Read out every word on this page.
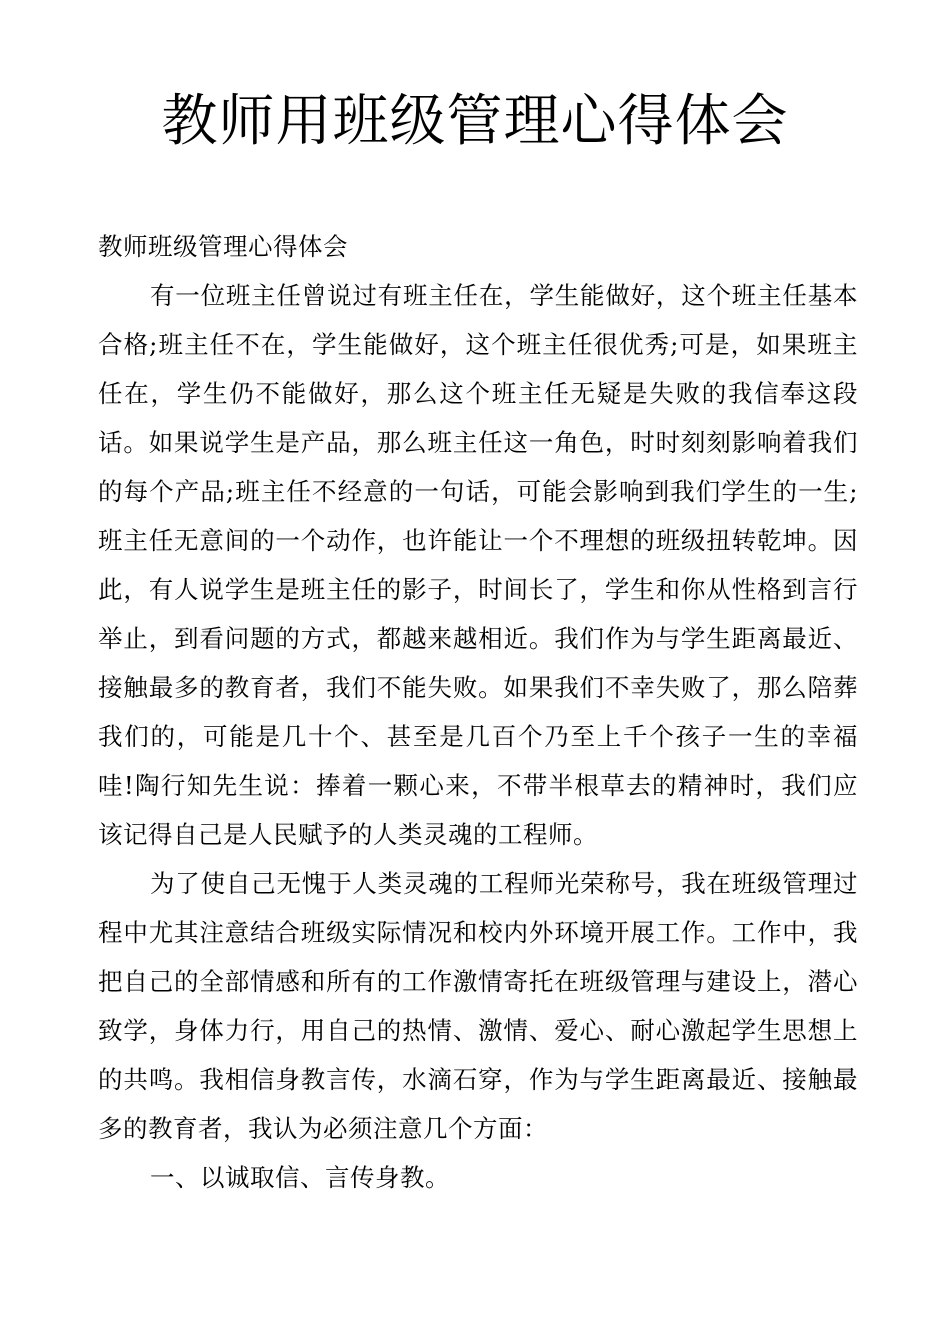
教师用班级管理心得体会

教师班级管理心得体会

有一位班主任曾说过有班主任在，学生能做好，这个班主任基本合格;班主任不在，学生能做好，这个班主任很优秀;可是，如果班主任在，学生仍不能做好，那么这个班主任无疑是失败的我信奉这段话。如果说学生是产品，那么班主任这一角色，时时刻刻影响着我们的每个产品;班主任不经意的一句话，可能会影响到我们学生的一生;班主任无意间的一个动作，也许能让一个不理想的班级扭转乾坤。因此，有人说学生是班主任的影子，时间长了，学生和你从性格到言行举止，到看问题的方式，都越来越相近。我们作为与学生距离最近、接触最多的教育者，我们不能失败。如果我们不幸失败了，那么陪葬我们的，可能是几十个、甚至是几百个乃至上千个孩子一生的幸福哇!陶行知先生说：捧着一颗心来，不带半根草去的精神时，我们应该记得自己是人民赋予的人类灵魂的工程师。

为了使自己无愧于人类灵魂的工程师光荣称号，我在班级管理过程中尤其注意结合班级实际情况和校内外环境开展工作。工作中，我把自己的全部情感和所有的工作激情寄托在班级管理与建设上，潜心致学，身体力行，用自己的热情、激情、爱心、耐心激起学生思想上的共鸣。我相信身教言传，水滴石穿，作为与学生距离最近、接触最多的教育者，我认为必须注意几个方面：

一、以诚取信、言传身教。
